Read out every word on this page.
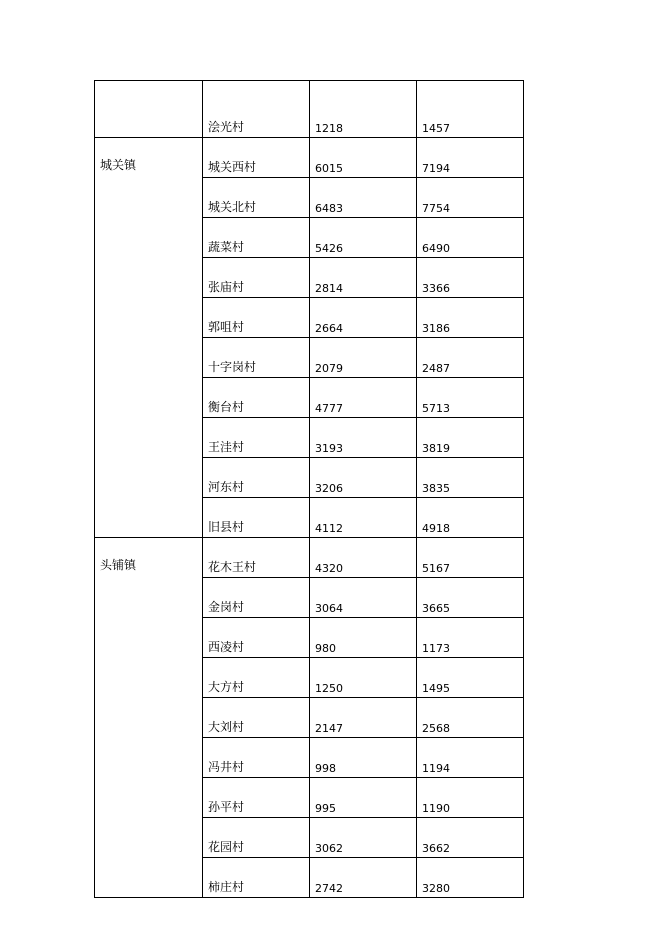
	浍光村	1218	1457
城关镇	城关西村	6015	7194
	城关北村	6483	7754
	蔬菜村	5426	6490
	张庙村	2814	3366
	郭咀村	2664	3186
	十字岗村	2079	2487
	衡台村	4777	5713
	王洼村	3193	3819
	河东村	3206	3835
	旧县村	4112	4918
头铺镇	花木王村	4320	5167
	金岗村	3064	3665
	西凌村	980	1173
	大方村	1250	1495
	大刘村	2147	2568
	冯井村	998	1194
	孙平村	995	1190
	花园村	3062	3662
	柿庄村	2742	3280
